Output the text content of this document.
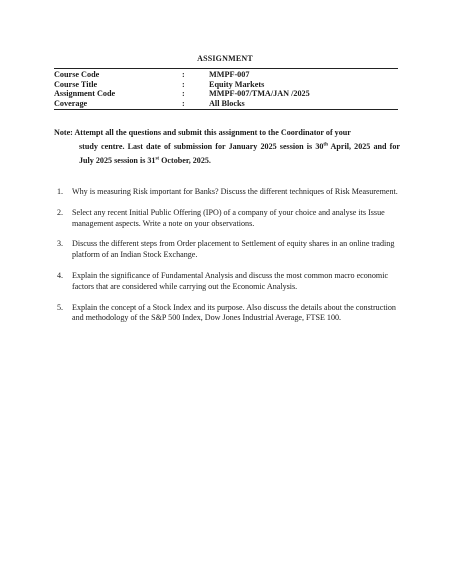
ASSIGNMENT
Course Code	:	MMPF-007
Course Title	:	Equity Markets
Assignment Code	:	MMPF-007/TMA/JAN /2025
Coverage	:	All Blocks
Note: Attempt all the questions and submit this assignment to the Coordinator of your
study centre. Last date of submission for January 2025 session is 30th April, 2025 and for July 2025 session is 31st October, 2025.
1.	Why is measuring Risk important for Banks? Discuss the different techniques of Risk Measurement.
2.	Select any recent Initial Public Offering (IPO) of a company of your choice and analyse its Issue management aspects. Write a note on your observations.
3.	Discuss the different steps from Order placement to Settlement of equity shares in an online trading platform of an Indian Stock Exchange.
4.	Explain the significance of Fundamental Analysis and discuss the most common macro economic factors that are considered while carrying out the Economic Analysis.
5.	Explain the concept of a Stock Index and its purpose. Also discuss the details about the construction and methodology of the S&P 500 Index, Dow Jones Industrial Average, FTSE 100.
